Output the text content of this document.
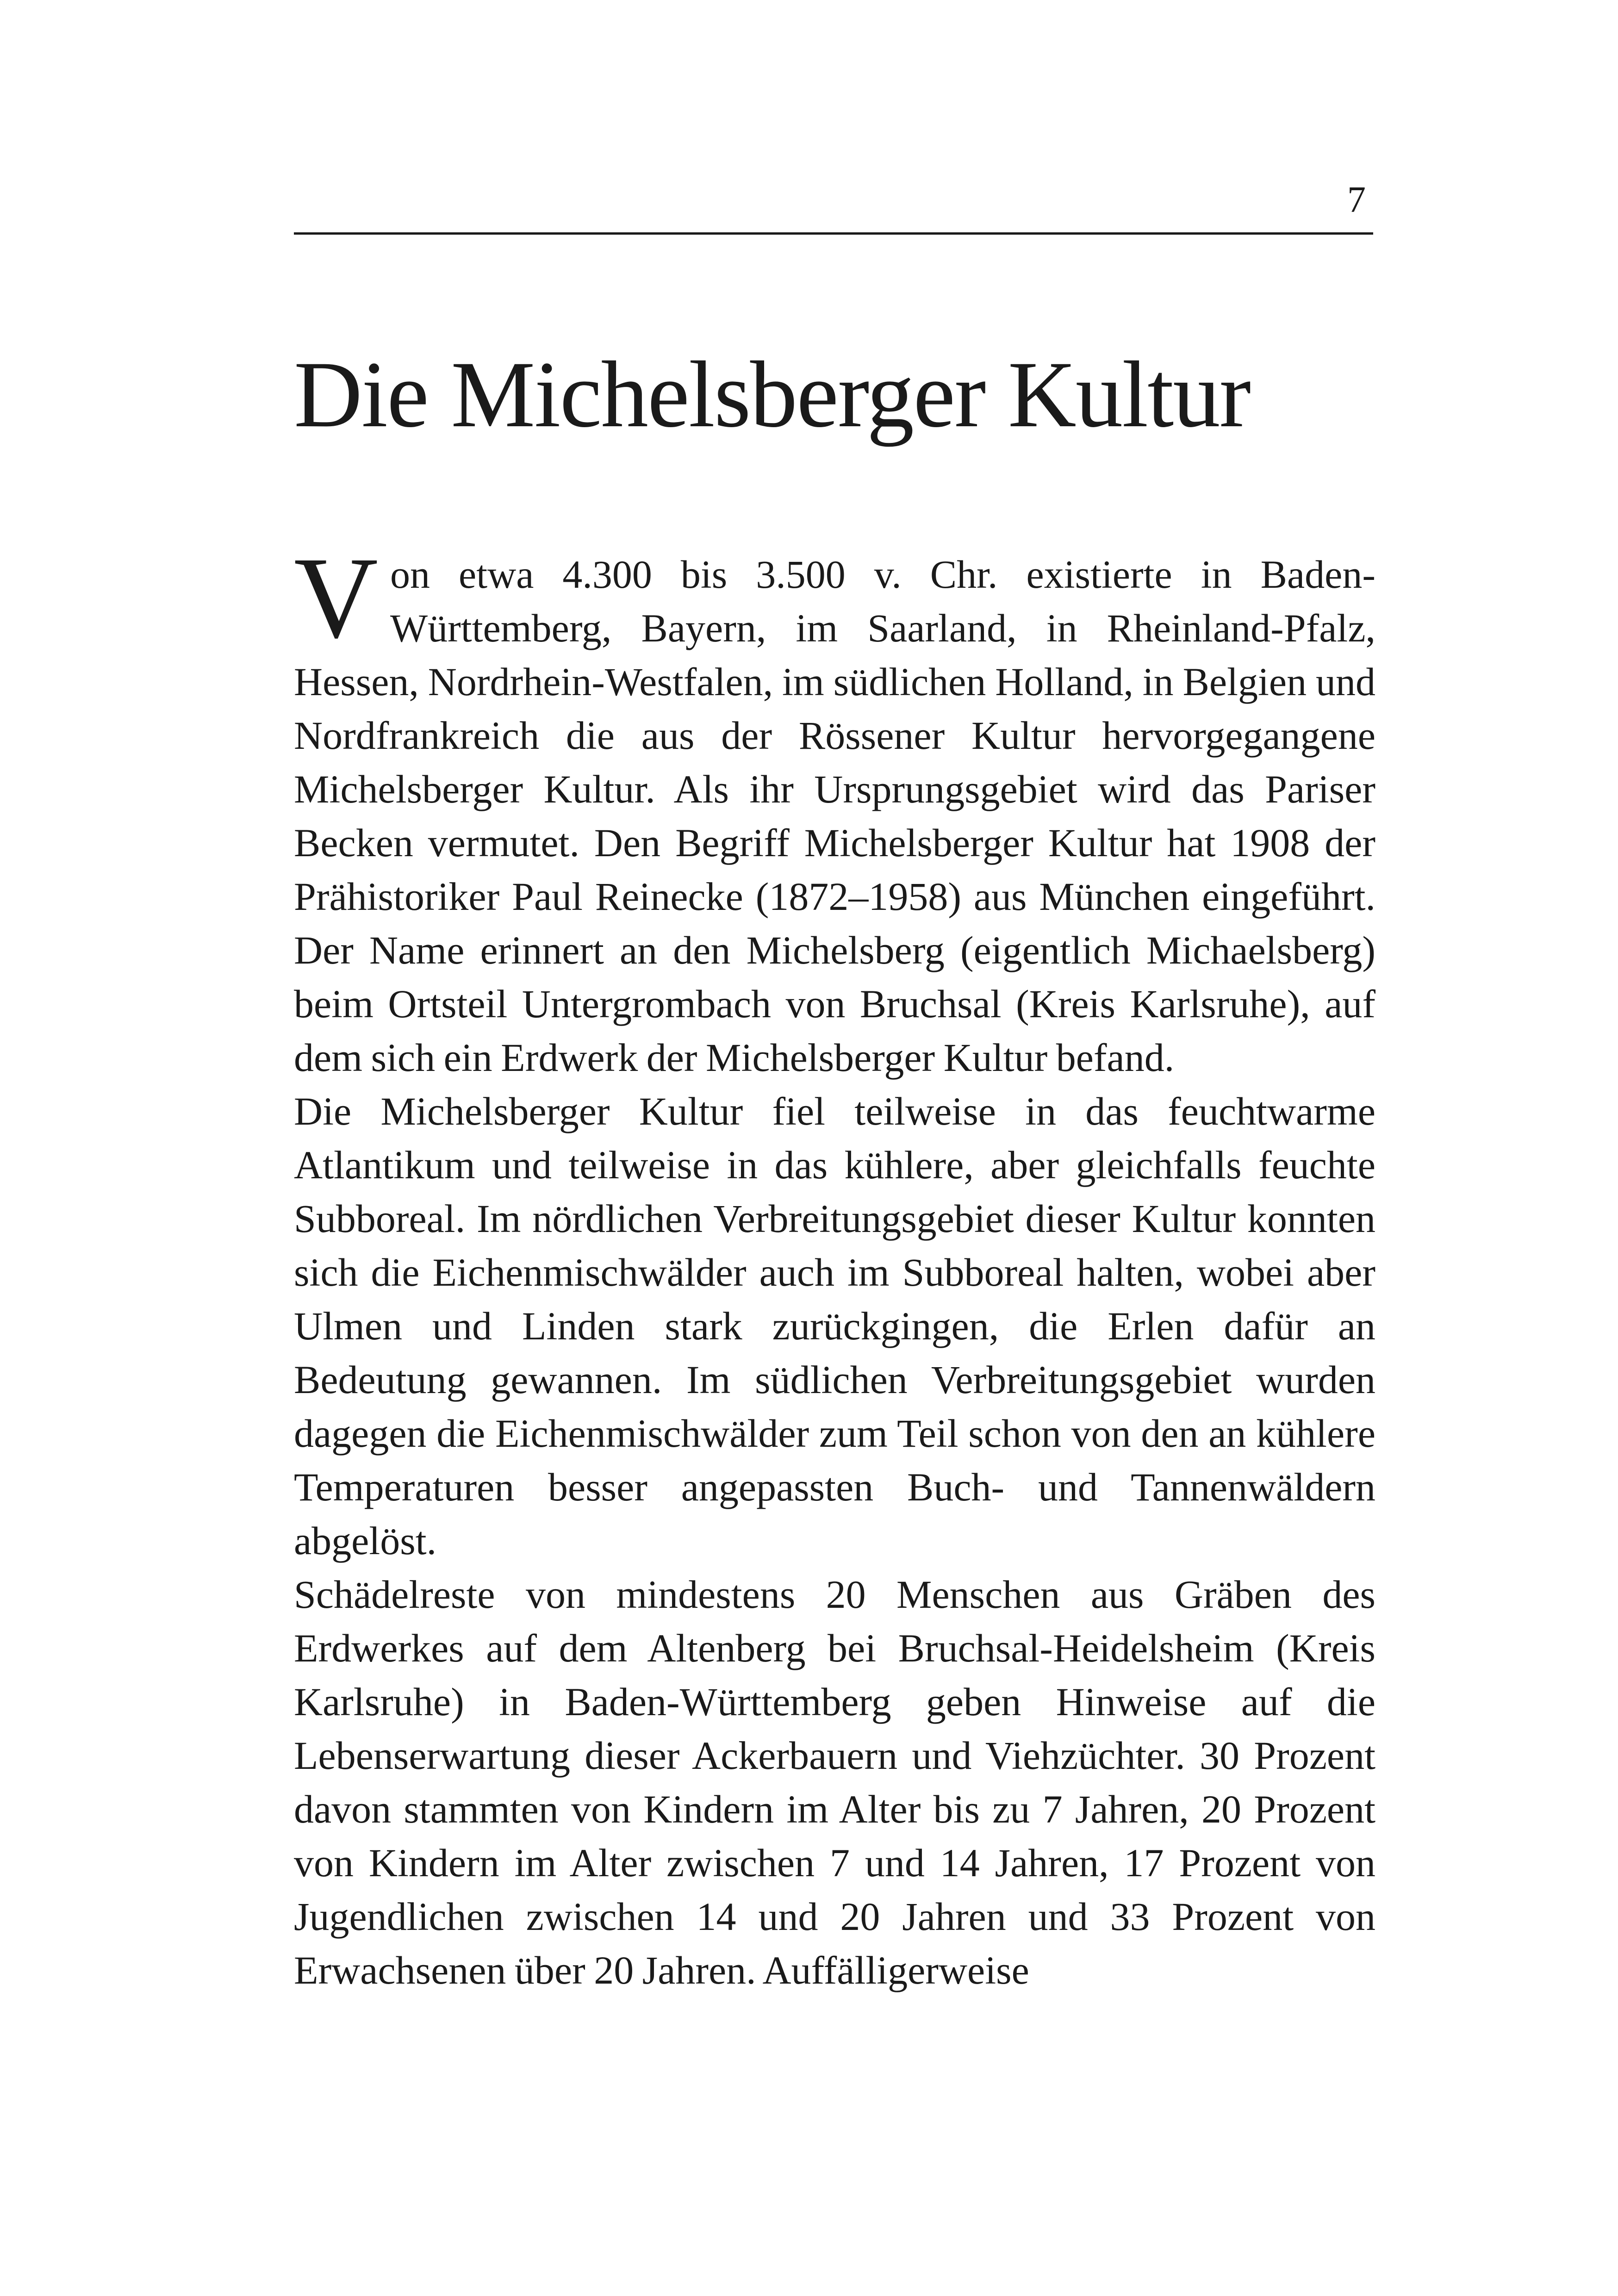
7
Die Michelsberger Kultur

Von etwa 4.300 bis 3.500 v. Chr. existierte in Baden-Württemberg, Bayern, im Saarland, in Rheinland-Pfalz, Hessen, Nordrhein-Westfalen, im südlichen Holland, in Belgien und Nordfrankreich die aus der Rössener Kultur hervorgegangene Michelsberger Kultur. Als ihr Ursprungsgebiet wird das Pariser Becken vermutet. Den Begriff Michelsberger Kultur hat 1908 der Prähistoriker Paul Reinecke (1872–1958) aus München eingeführt. Der Name erinnert an den Michelsberg (eigentlich Michaelsberg) beim Ortsteil Untergrombach von Bruchsal (Kreis Karlsruhe), auf dem sich ein Erdwerk der Michelsberger Kultur befand.

Die Michelsberger Kultur fiel teilweise in das feuchtwarme Atlantikum und teilweise in das kühlere, aber gleichfalls feuchte Subboreal. Im nördlichen Verbreitungsgebiet dieser Kultur konnten sich die Eichenmischwälder auch im Subboreal halten, wobei aber Ulmen und Linden stark zurückgingen, die Erlen dafür an Bedeutung gewannen. Im südlichen Verbreitungsgebiet wurden dagegen die Eichenmischwälder zum Teil schon von den an kühlere Temperaturen besser angepassten Buch- und Tannenwäldern abgelöst.

Schädelreste von mindestens 20 Menschen aus Gräben des Erdwerkes auf dem Altenberg bei Bruchsal-Heidelsheim (Kreis Karlsruhe) in Baden-Württemberg geben Hinweise auf die Lebenserwartung dieser Ackerbauern und Viehzüchter. 30 Prozent davon stammten von Kindern im Alter bis zu 7 Jahren, 20 Prozent von Kindern im Alter zwischen 7 und 14 Jahren, 17 Prozent von Jugendlichen zwischen 14 und 20 Jahren und 33 Prozent von Erwachsenen über 20 Jahren. Auffälligerweise
